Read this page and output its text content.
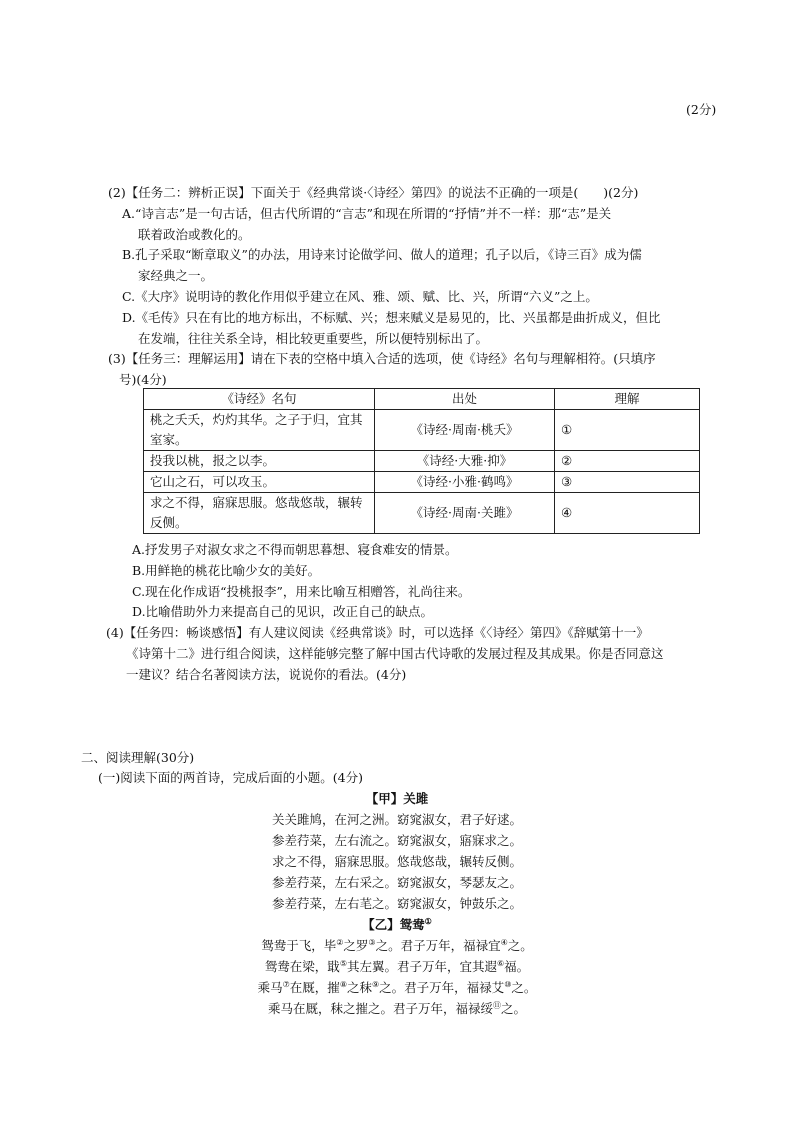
(2分)
(2)【任务二：辨析正误】下面关于《经典常谈·〈诗经〉第四》的说法不正确的一项是(　　)(2分)
A.“诗言志”是一句古话，但古代所谓的“言志”和现在所谓的“抒情”并不一样：那“志”是关
联着政治或教化的。
B.孔子采取“断章取义”的办法，用诗来讨论做学问、做人的道理；孔子以后，《诗三百》成为儒
家经典之一。
C.《大序》说明诗的教化作用似乎建立在风、雅、颂、赋、比、兴，所谓“六义”之上。
D.《毛传》只在有比的地方标出，不标赋、兴；想来赋义是易见的，比、兴虽都是曲折成义，但比
在发端，往往关系全诗，相比较更重要些，所以便特别标出了。
(3)【任务三：理解运用】请在下表的空格中填入合适的选项，使《诗经》名句与理解相符。(只填序
号)(4分)
《诗经》名句	出处	理解
桃之夭夭，灼灼其华。之子于归，宜其室家。	《诗经·周南·桃夭》	①
投我以桃，报之以李。	《诗经·大雅·抑》	②
它山之石，可以攻玉。	《诗经·小雅·鹤鸣》	③
求之不得，寤寐思服。悠哉悠哉，辗转反侧。	《诗经·周南·关雎》	④
A.抒发男子对淑女求之不得而朝思暮想、寝食难安的情景。
B.用鲜艳的桃花比喻少女的美好。
C.现在化作成语“投桃报李”，用来比喻互相赠答，礼尚往来。
D.比喻借助外力来提高自己的见识，改正自己的缺点。
(4)【任务四：畅谈感悟】有人建议阅读《经典常谈》时，可以选择《〈诗经〉第四》《辞赋第十一》
《诗第十二》进行组合阅读，这样能够完整了解中国古代诗歌的发展过程及其成果。你是否同意这
一建议？结合名著阅读方法，说说你的看法。(4分)
二、阅读理解(30分)
(一)阅读下面的两首诗，完成后面的小题。(4分)
【甲】关雎
关关雎鸠，在河之洲。窈窕淑女，君子好逑。
参差荇菜，左右流之。窈窕淑女，寤寐求之。
求之不得，寤寐思服。悠哉悠哉，辗转反侧。
参差荇菜，左右采之。窈窕淑女，琴瑟友之。
参差荇菜，左右芼之。窈窕淑女，钟鼓乐之。
【乙】鸳鸯①
鸳鸯于飞，毕②之罗③之。君子万年，福禄宜④之。
鸳鸯在梁，戢⑤其左翼。君子万年，宜其遐⑥福。
乘马⑦在厩，摧⑧之秣⑨之。君子万年，福禄艾⑩之。
乘马在厩，秣之摧之。君子万年，福禄绥⑪之。
